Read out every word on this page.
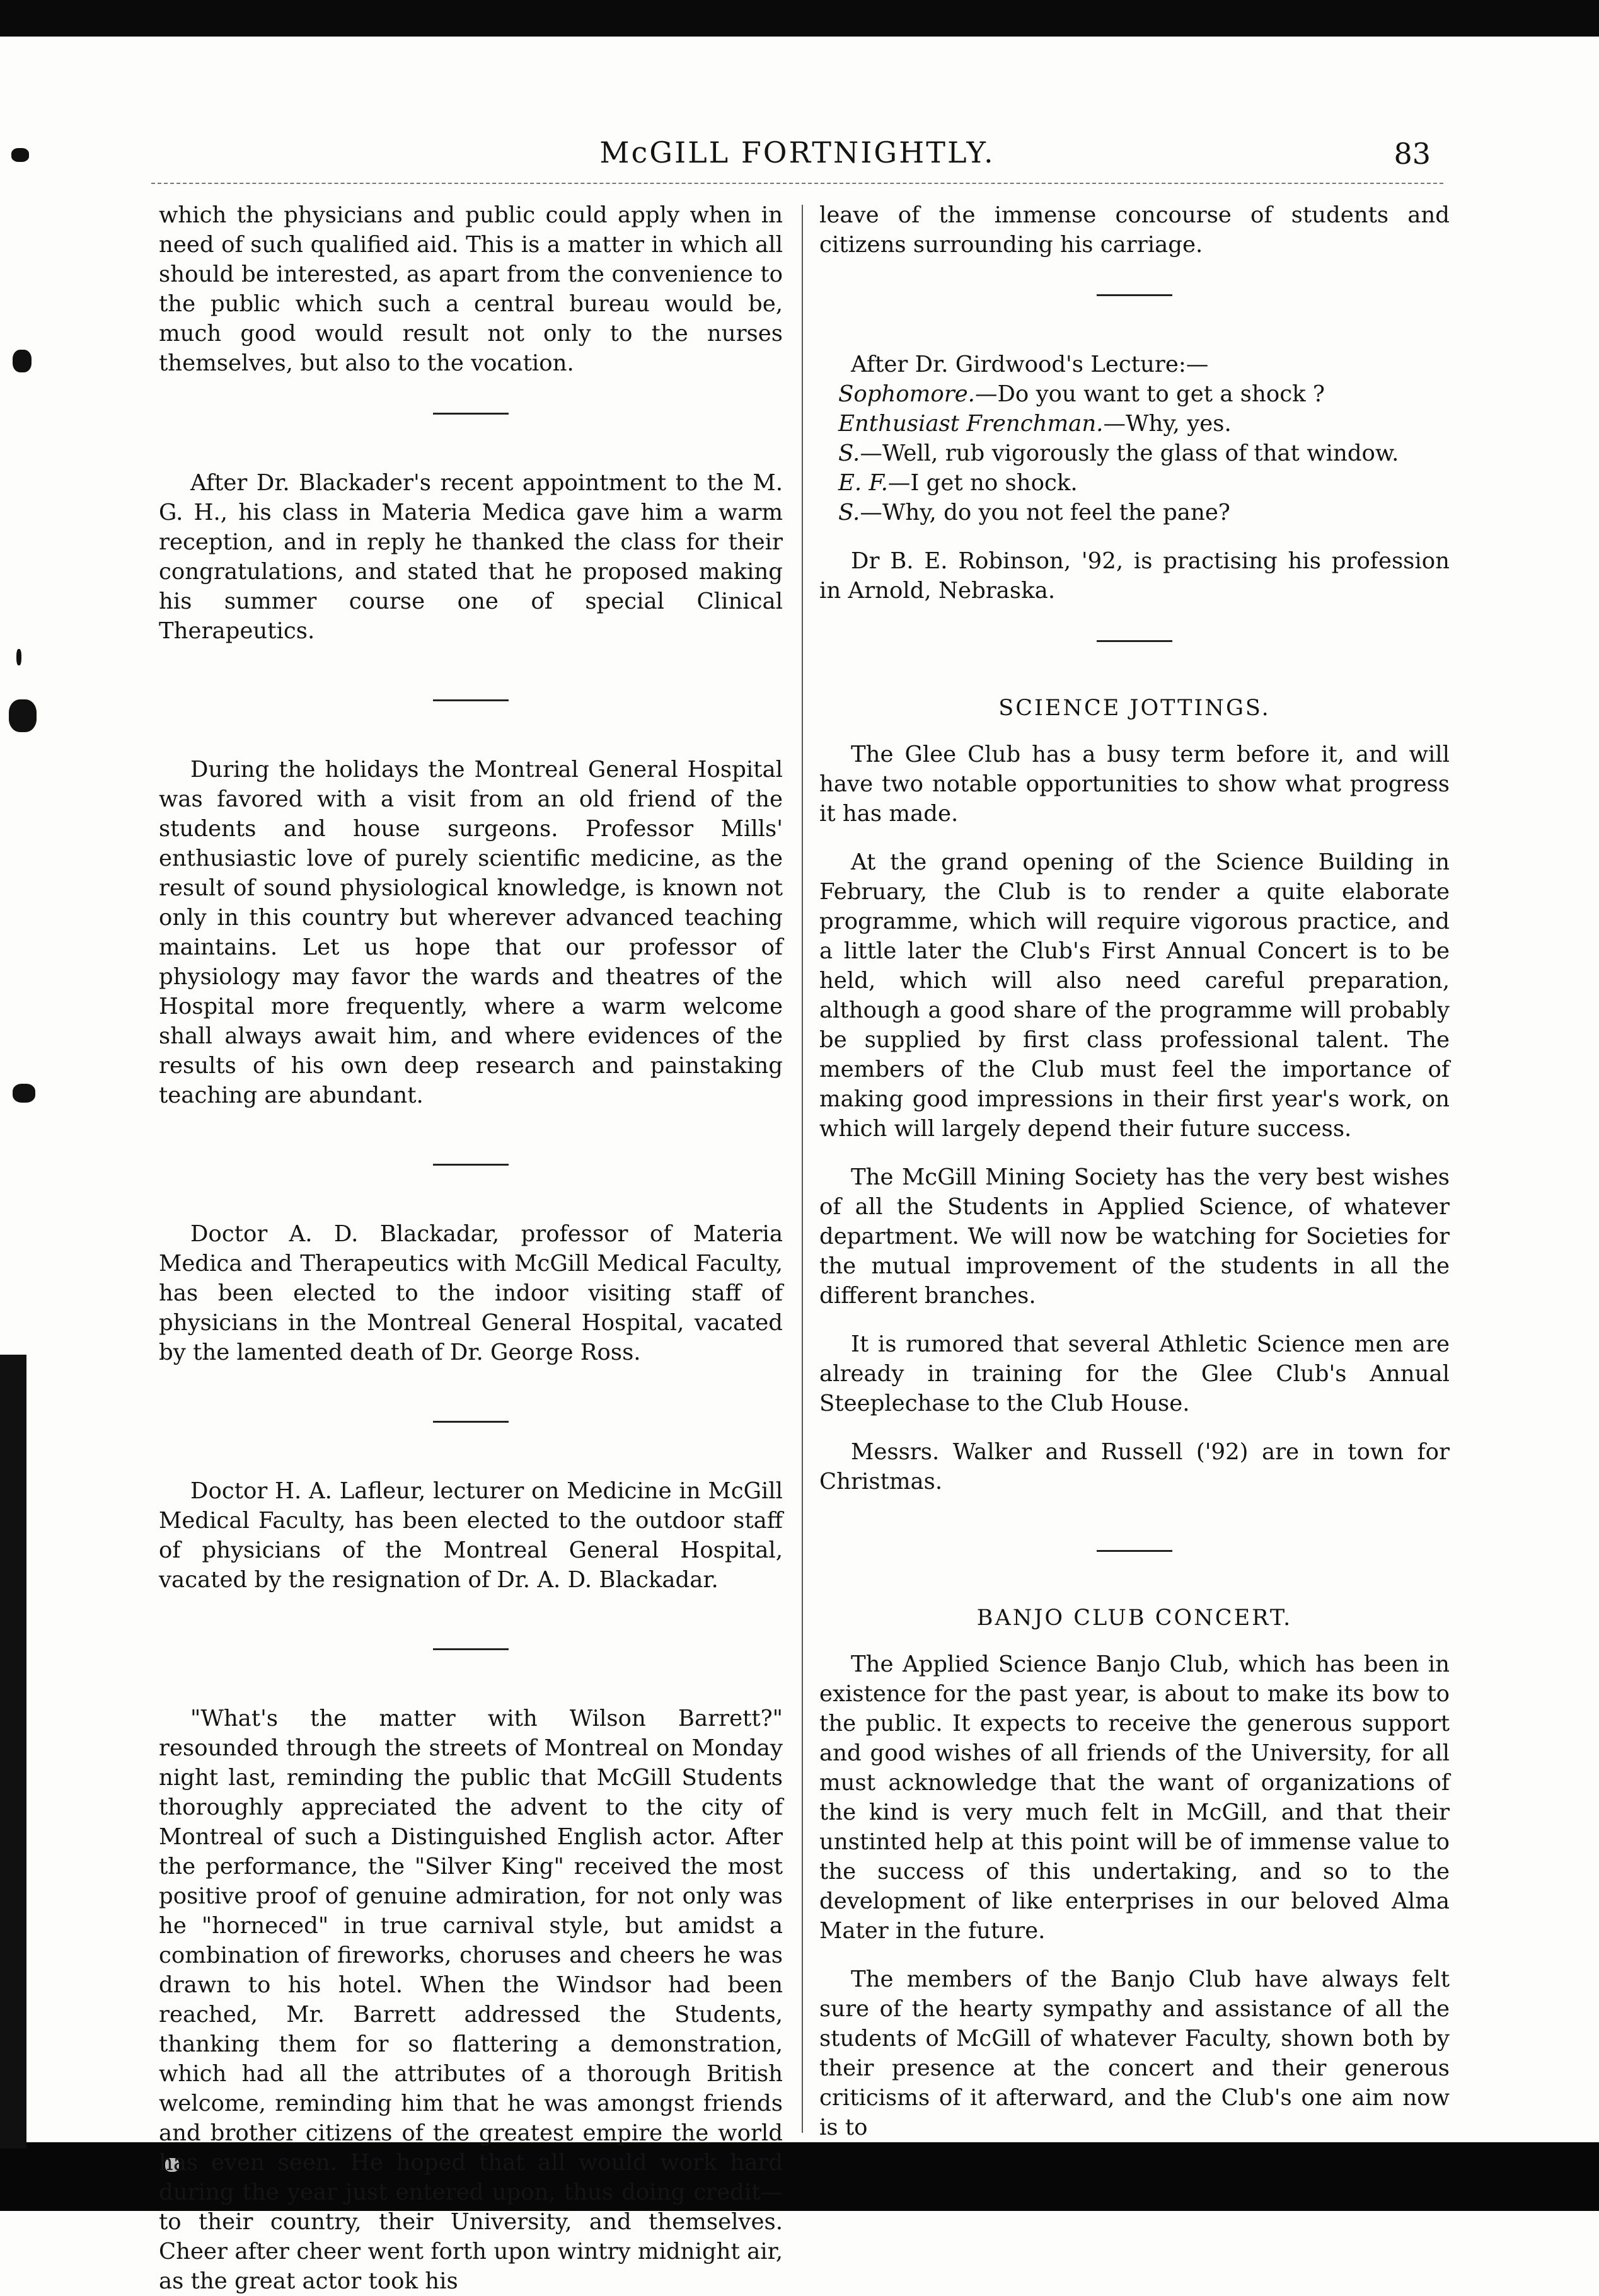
McGILL FORTNIGHTLY.	83

which the physicians and public could apply when in need of such qualified aid. This is a matter in which all should be interested, as apart from the convenience to the public which such a central bureau would be, much good would result not only to the nurses themselves, but also to the vocation.

After Dr. Blackader's recent appointment to the M. G. H., his class in Materia Medica gave him a warm reception, and in reply he thanked the class for their congratulations, and stated that he proposed making his summer course one of special Clinical Therapeutics.

During the holidays the Montreal General Hospital was favored with a visit from an old friend of the students and house surgeons. Professor Mills' enthusiastic love of purely scientific medicine, as the result of sound physiological knowledge, is known not only in this country but wherever advanced teaching maintains. Let us hope that our professor of physiology may favor the wards and theatres of the Hospital more frequently, where a warm welcome shall always await him, and where evidences of the results of his own deep research and painstaking teaching are abundant.

Doctor A. D. Blackadar, professor of Materia Medica and Therapeutics with McGill Medical Faculty, has been elected to the indoor visiting staff of physicians in the Montreal General Hospital, vacated by the lamented death of Dr. George Ross.

Doctor H. A. Lafleur, lecturer on Medicine in McGill Medical Faculty, has been elected to the outdoor staff of physicians of the Montreal General Hospital, vacated by the resignation of Dr. A. D. Blackadar.

"What's the matter with Wilson Barrett?" resounded through the streets of Montreal on Monday night last, reminding the public that McGill Students thoroughly appreciated the advent to the city of Montreal of such a Distinguished English actor. After the performance, the "Silver King" received the most positive proof of genuine admiration, for not only was he "horneced" in true carnival style, but amidst a combination of fireworks, choruses and cheers he was drawn to his hotel. When the Windsor had been reached, Mr. Barrett addressed the Students, thanking them for so flattering a demonstration, which had all the attributes of a thorough British welcome, reminding him that he was amongst friends and brother citizens of the greatest empire the world has even seen. He hoped that all would work hard during the year just entered upon, thus doing credit—to their country, their University, and themselves. Cheer after cheer went forth upon wintry midnight air, as the great actor took his

leave of the immense concourse of students and citizens surrounding his carriage.

After Dr. Girdwood's Lecture:—

Sophomore.—Do you want to get a shock ?

Enthusiast Frenchman.—Why, yes.

S.—Well, rub vigorously the glass of that window.

E. F.—I get no shock.

S.—Why, do you not feel the pane?

Dr B. E. Robinson, '92, is practising his profession in Arnold, Nebraska.

SCIENCE JOTTINGS.

The Glee Club has a busy term before it, and will have two notable opportunities to show what progress it has made.

At the grand opening of the Science Building in February, the Club is to render a quite elaborate programme, which will require vigorous practice, and a little later the Club's First Annual Concert is to be held, which will also need careful preparation, although a good share of the programme will probably be supplied by first class professional talent. The members of the Club must feel the importance of making good impressions in their first year's work, on which will largely depend their future success.

The McGill Mining Society has the very best wishes of all the Students in Applied Science, of whatever department. We will now be watching for Societies for the mutual improvement of the students in all the different branches.

It is rumored that several Athletic Science men are already in training for the Glee Club's Annual Steeplechase to the Club House.

Messrs. Walker and Russell ('92) are in town for Christmas.

BANJO CLUB CONCERT.

The Applied Science Banjo Club, which has been in existence for the past year, is about to make its bow to the public. It expects to receive the generous support and good wishes of all friends of the University, for all must acknowledge that the want of organizations of the kind is very much felt in McGill, and that their unstinted help at this point will be of immense value to the success of this undertaking, and so to the development of like enterprises in our beloved Alma Mater in the future.

The members of the Banjo Club have always felt sure of the hearty sympathy and assistance of all the students of McGill of whatever Faculty, shown both by their presence at the concert and their generous criticisms of it afterward, and the Club's one aim now is to
